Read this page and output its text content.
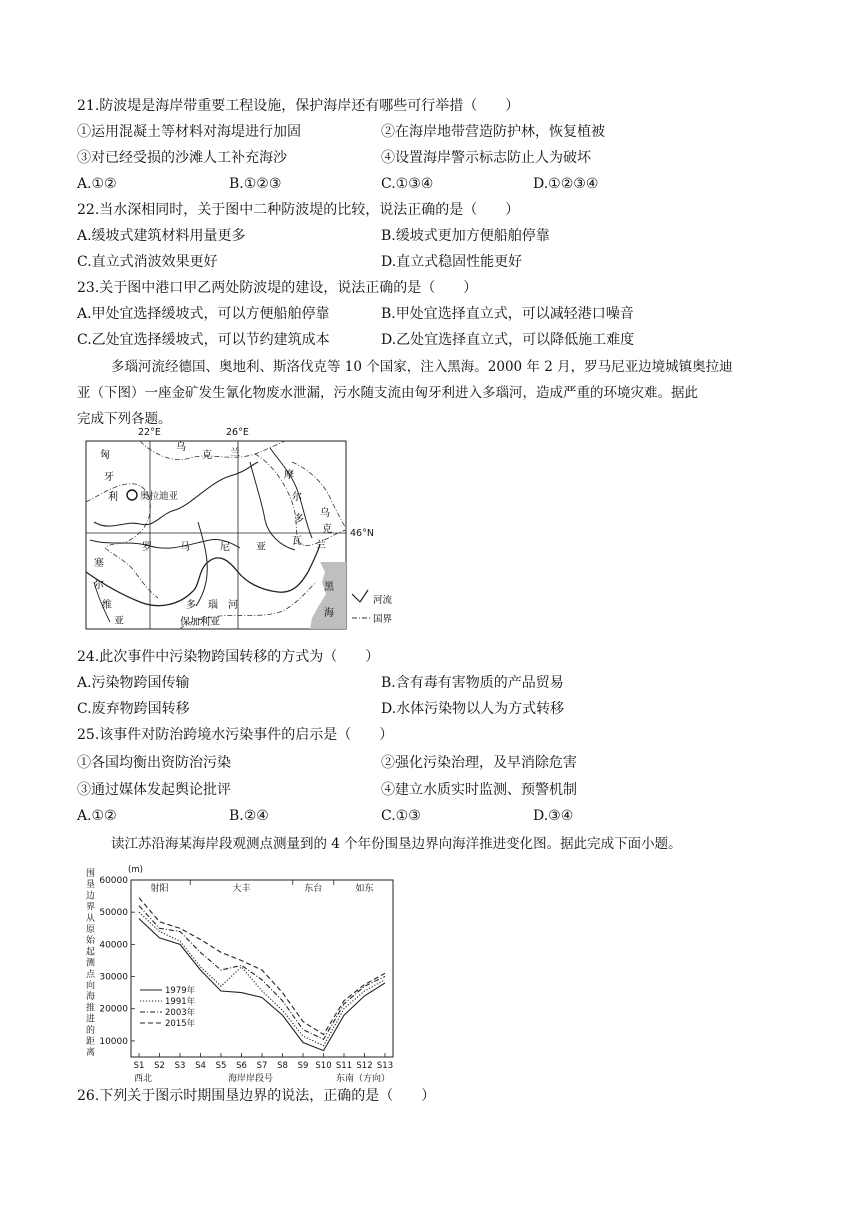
21.防波堤是海岸带重要工程设施，保护海岸还有哪些可行举措（　　）
①运用混凝土等材料对海堤进行加固	②在海岸地带营造防护林，恢复植被
③对已经受损的沙滩人工补充海沙	④设置海岸警示标志防止人为破坏
A.①②	B.①②③	C.①③④	D.①②③④
22.当水深相同时，关于图中二种防波堤的比较，说法正确的是（　　）
A.缓坡式建筑材料用量更多	B.缓坡式更加方便船舶停靠
C.直立式消波效果更好	D.直立式稳固性能更好
23.关于图中港口甲乙两处防波堤的建设，说法正确的是（　　）
A.甲处宜选择缓坡式，可以方便船舶停靠	B.甲处宜选择直立式，可以减轻港口噪音
C.乙处宜选择缓坡式，可以节约建筑成本	D.乙处宜选择直立式，可以降低施工难度
多瑙河流经德国、奥地利、斯洛伐克等 10 个国家，注入黑海。2000 年 2 月，罗马尼亚边境城镇奥拉迪
亚（下图）一座金矿发生氰化物废水泄漏，污水随支流由匈牙利进入多瑙河，造成严重的环境灾难。据此
完成下列各题。
奥拉迪亚
22°E	26°E
46°N
匈
牙
利
乌
克 兰
摩
尔
多
瓦
乌
克
兰
罗	马	尼	亚
塞
尔
维
亚
多 瑙 河
保加利亚
黑
海
河流
国界
24.此次事件中污染物跨国转移的方式为（　　）
A.污染物跨国传输	B.含有毒有害物质的产品贸易
C.废弃物跨国转移	D.水体污染物以人为方式转移
25.该事件对防治跨境水污染事件的启示是（　　）
①各国均衡出资防治污染	②强化污染治理，及早消除危害
③通过媒体发起舆论批评	④建立水质实时监测、预警机制
A.①②	B.②④	C.①③	D.③④
读江苏沿海某海岸段观测点测量到的 4 个年份围垦边界向海洋推进变化图。据此完成下面小题。
围
垦
边
界
从
原
始
起
测
点
向
海
推
进
的
距
离
(m)
10000
20000
30000
40000
50000
60000
S1 S2 S3 S4 S5 S6 S7 S8 S9 S10 S11 S12 S13
射阳	大丰	东台	如东
1979年
1991年
2003年
2015年
西北	海岸岸段号	东南（方向）
26.下列关于图示时期围垦边界的说法，正确的是（　　）
